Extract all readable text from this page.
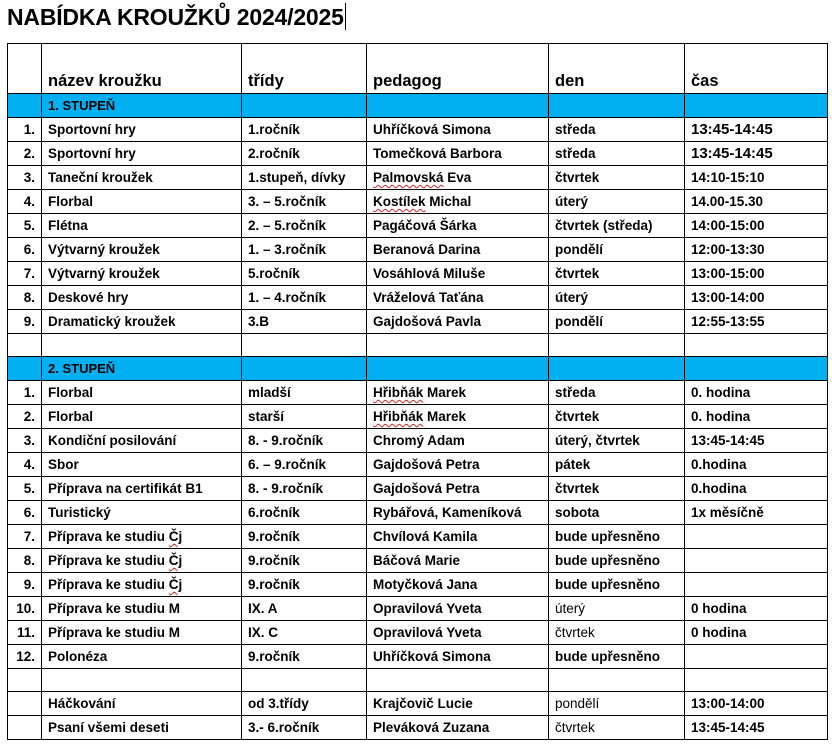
NABÍDKA KROUŽKŮ 2024/2025
	název kroužku	třídy	pedagog	den	čas
	1. STUPEŇ				
1.	Sportovní hry	1.ročník	Uhříčková Simona	středa	13:45-14:45
2.	Sportovní hry	2.ročník	Tomečková Barbora	středa	13:45-14:45
3.	Taneční kroužek	1.stupeň, dívky	Palmovská Eva	čtvrtek	14:10-15:10
4.	Florbal	3. – 5.ročník	Kostílek Michal	úterý	14.00-15.30
5.	Flétna	2. – 5.ročník	Pagáčová Šárka	čtvrtek (středa)	14:00-15:00
6.	Výtvarný kroužek	1. – 3.ročník	Beranová Darina	pondělí	12:00-13:30
7.	Výtvarný kroužek	5.ročník	Vosáhlová Miluše	čtvrtek	13:00-15:00
8.	Deskové hry	1. – 4.ročník	Vráželová Taťána	úterý	13:00-14:00
9.	Dramatický kroužek	3.B	Gajdošová Pavla	pondělí	12:55-13:55

	2. STUPEŇ				
1.	Florbal	mladší	Hřibňák Marek	středa	0. hodina
2.	Florbal	starší	Hřibňák Marek	čtvrtek	0. hodina
3.	Kondiční posilování	8. - 9.ročník	Chromý Adam	úterý, čtvrtek	13:45-14:45
4.	Sbor	6. – 9.ročník	Gajdošová Petra	pátek	0.hodina
5.	Příprava na certifikát B1	8. - 9.ročník	Gajdošová Petra	čtvrtek	0.hodina
6.	Turistický	6.ročník	Rybářová, Kameníková	sobota	1x měsíčně
7.	Příprava ke studiu Čj	9.ročník	Chvílová Kamila	bude upřesněno	
8.	Příprava ke studiu Čj	9.ročník	Báčová Marie	bude upřesněno	
9.	Příprava ke studiu Čj	9.ročník	Motyčková Jana	bude upřesněno	
10.	Příprava ke studiu M	IX. A	Opravilová Yveta	úterý	0 hodina
11.	Příprava ke studiu M	IX. C	Opravilová Yveta	čtvrtek	0 hodina
12.	Polonéza	9.ročník	Uhříčková Simona	bude upřesněno	

	Háčkování	od 3.třídy	Krajčovič Lucie	pondělí	13:00-14:00
	Psaní všemi deseti	3.- 6.ročník	Pleváková Zuzana	čtvrtek	13:45-14:45
